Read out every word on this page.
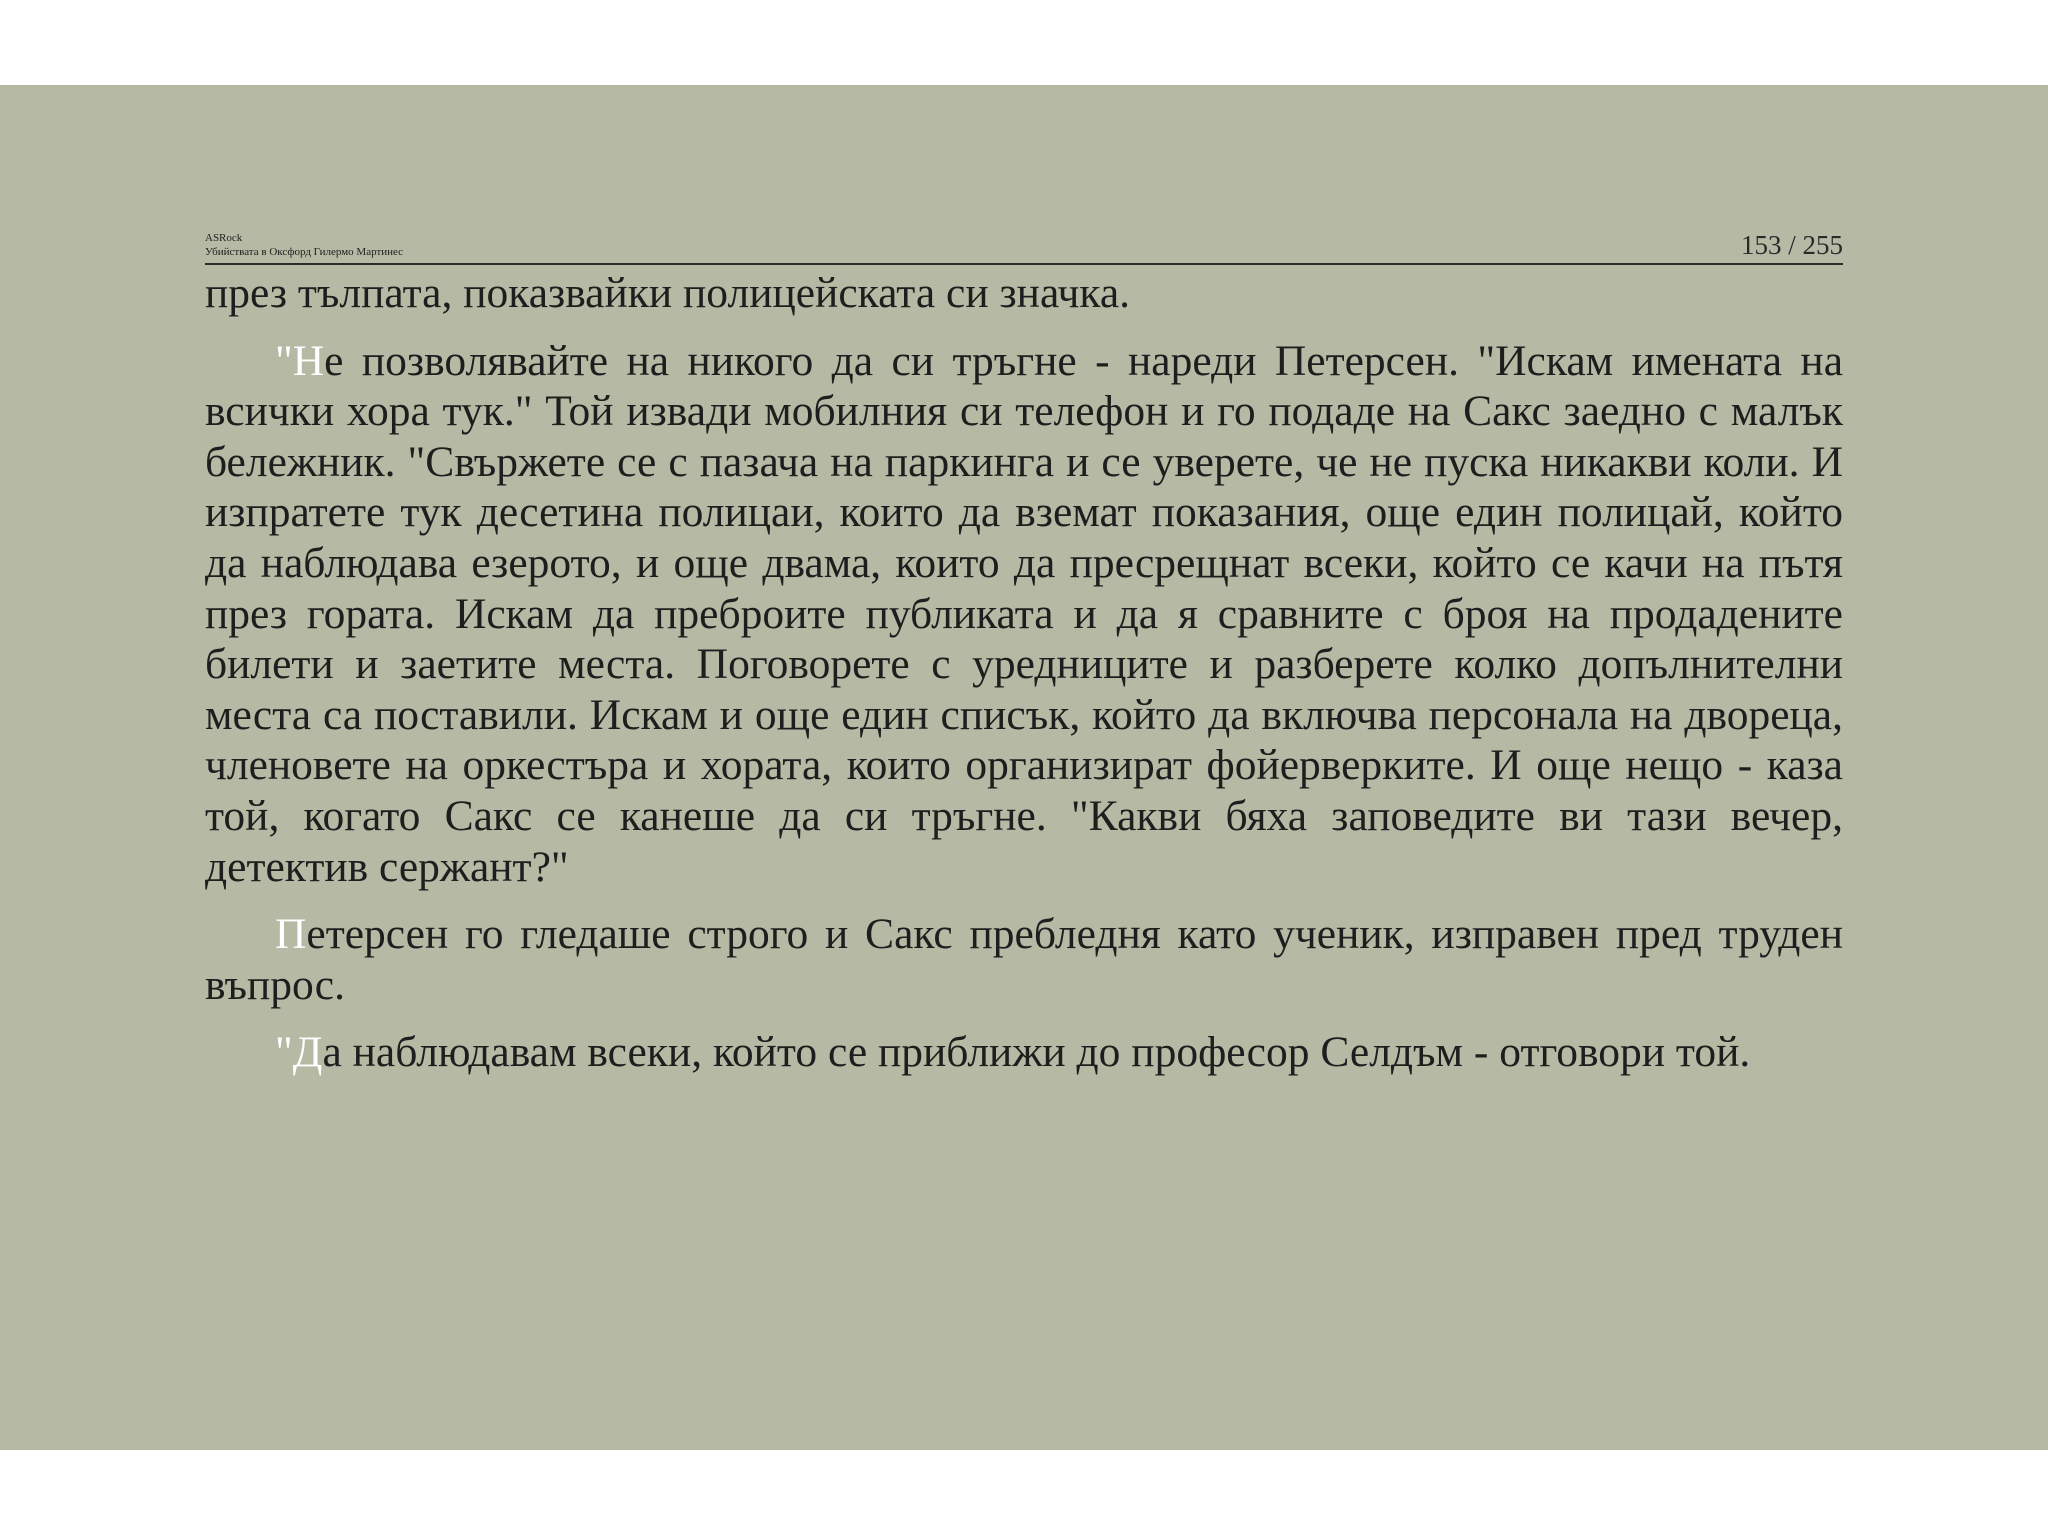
ASRock
Убийствата в Оксфорд Гилермо Мартинес	153 / 255

през тълпата, показвайки полицейската си значка.

"Не позволявайте на никого да си тръгне - нареди Петерсен. "Искам имената на всички хора тук." Той извади мобилния си телефон и го подаде на Сакс заедно с малък бележник. "Свържете се с пазача на паркинга и се уверете, че не пуска никакви коли. И изпратете тук десетина полицаи, които да вземат показания, още един полицай, който да наблюдава езерото, и още двама, които да пресрещнат всеки, който се качи на пътя през гората. Искам да преброите публиката и да я сравните с броя на продадените билети и заетите места. Поговорете с уредниците и разберете колко допълнителни места са поставили. Искам и още един списък, който да включва персонала на двореца, членовете на оркестъра и хората, които организират фойерверките. И още нещо - каза той, когато Сакс се канеше да си тръгне. "Какви бяха заповедите ви тази вечер, детектив сержант?"

Петерсен го гледаше строго и Сакс пребледня като ученик, изправен пред труден въпрос.

"Да наблюдавам всеки, който се приближи до професор Селдъм - отговори той.
